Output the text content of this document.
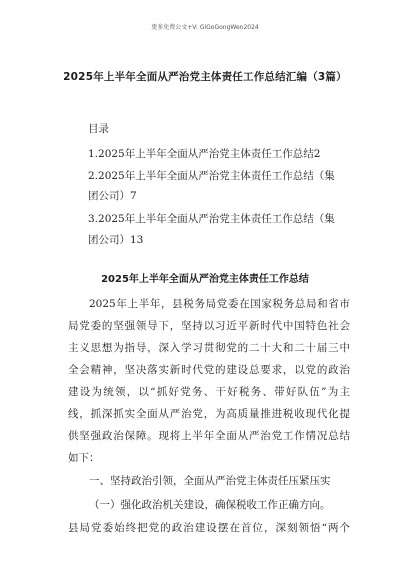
更多免费公文+V: GiGoGongWen2024
2025年上半年全面从严治党主体责任工作总结汇编（3篇）
目录
1.2025年上半年全面从严治党主体责任工作总结2
2.2025年上半年全面从严治党主体责任工作总结（集
团公司）7
3.2025年上半年全面从严治党主体责任工作总结（集
团公司）13
2025年上半年全面从严治党主体责任工作总结
2025年上半年，县税务局党委在国家税务总局和省市
局党委的坚强领导下，坚持以习近平新时代中国特色社会
主义思想为指导，深入学习贯彻党的二十大和二十届三中
全会精神，坚决落实新时代党的建设总要求，以党的政治
建设为统领，以“抓好党务、干好税务、带好队伍”为主
线，抓深抓实全面从严治党，为高质量推进税收现代化提
供坚强政治保障。现将上半年全面从严治党工作情况总结
如下：
一、坚持政治引领，全面从严治党主体责任压紧压实
（一）强化政治机关建设，确保税收工作正确方向。
县局党委始终把党的政治建设摆在首位，深刻领悟“两个
